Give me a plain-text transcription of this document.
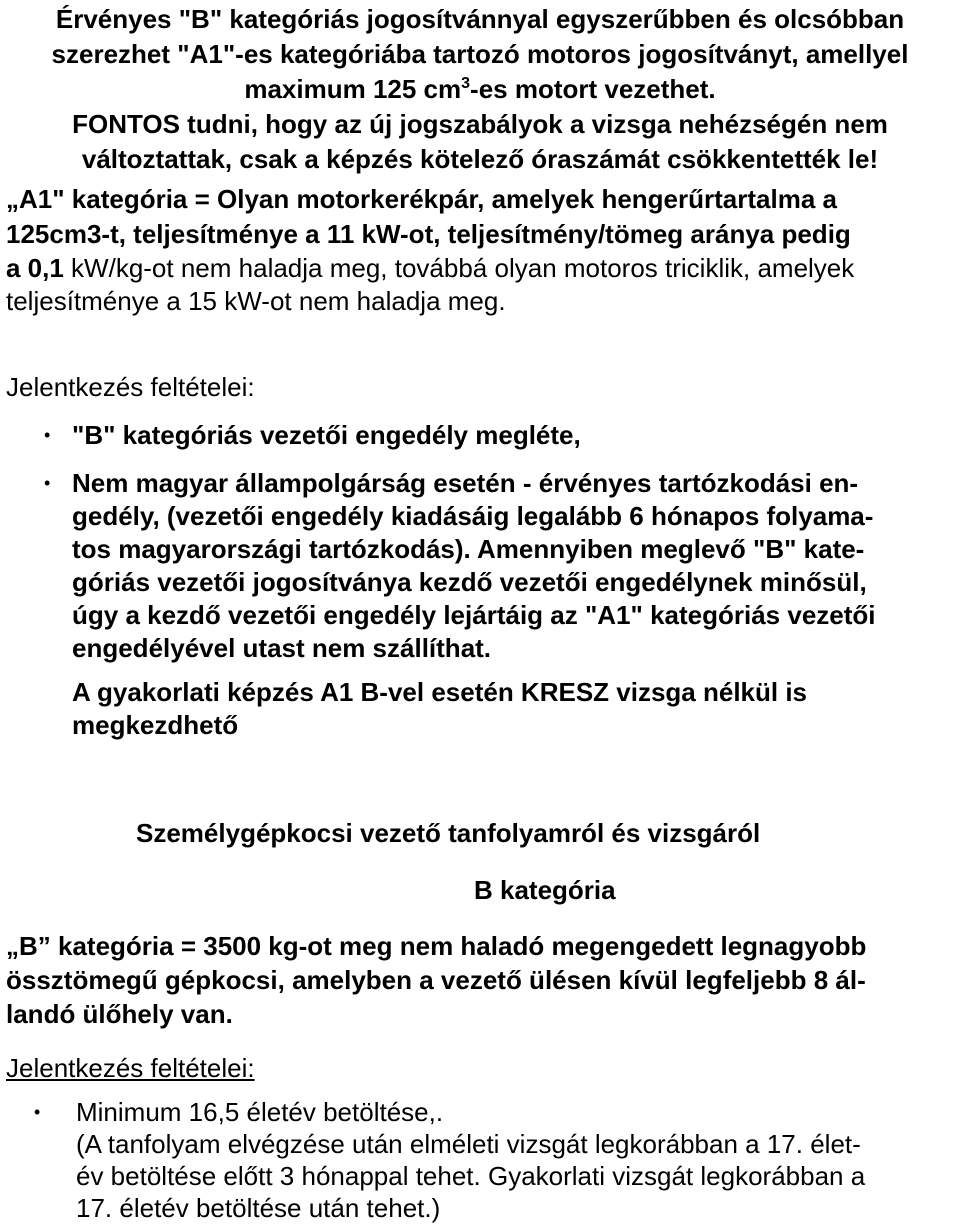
Érvényes "B" kategóriás jogosítvánnyal egyszerűbben és olcsóbban
szerezhet "A1"-es kategóriába tartozó motoros jogosítványt, amellyel
maximum 125 $cm^3-es$ motort vezethet.
FONTOS tudni, hogy az új jogszabályok a vizsga nehézségén nem
változtattak, csak a képzés kötelező óraszámát csökkentették le!
„A1" kategória = Olyan motorkerékpár, amelyek hengerűrtartalma a
125cm3-t, teljesítménye a 11 kW-ot, teljesítmény/tömeg aránya pedig
a 0,1 kW/kg-ot nem haladja meg, továbbá olyan motoros triciklik, amelyek
teljesítménye a 15 kW-ot nem haladja meg.
Jelentkezés feltételei:
• "B" kategóriás vezetői engedély megléte,
• Nem magyar állampolgárság esetén - érvényes tartózkodási en-
gedély, (vezetői engedély kiadásáig legalább 6 hónapos folyama-
tos magyarországi tartózkodás). Amennyiben meglevő "B" kate-
góriás vezetői jogosítványa kezdő vezetői engedélynek minősül,
úgy a kezdő vezetői engedély lejártáig az "A1" kategóriás vezetői
engedélyével utast nem szállíthat.
A gyakorlati képzés A1 B-vel esetén KRESZ vizsga nélkül is
megkezdhető
Személygépkocsi vezető tanfolyamról és vizsgáról
B kategória
„B” kategória = 3500 kg-ot meg nem haladó megengedett legnagyobb
össztömegű gépkocsi, amelyben a vezető ülésen kívül legfeljebb 8 ál-
landó ülőhely van.
Jelentkezés feltételei:
• Minimum 16,5 életév betöltése,.
(A tanfolyam elvégzése után elméleti vizsgát legkorábban a 17. élet-
év betöltése előtt 3 hónappal tehet. Gyakorlati vizsgát legkorábban a
17. életév betöltése után tehet.)
